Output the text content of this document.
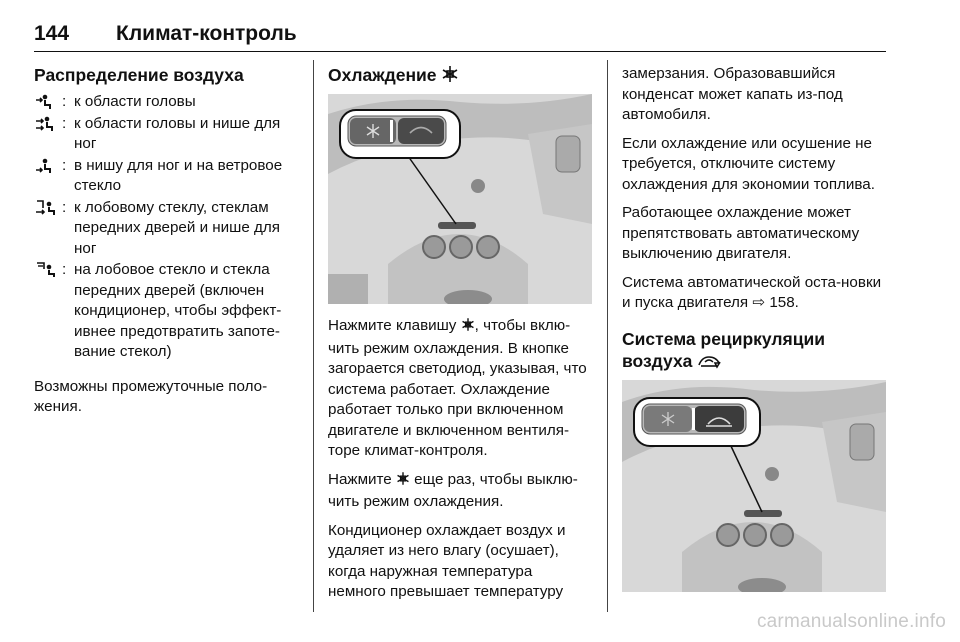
144 Климат-контроль
Распределение воздуха
: к области головы
: к области головы и нише для ног
: в нишу для ног и на ветровое стекло
: к лобовому стеклу, стеклам передних дверей и нише для ног
: на лобовое стекло и стекла передних дверей (включен кондиционер, чтобы эффект-ивнее предотвратить запоте-вание стекол)

Возможны промежуточные поло-жения.

Охлаждение

Нажмите клавишу , чтобы вклю-чить режим охлаждения. В кнопке загорается светодиод, указывая, что система работает. Охлаждение работает только при включенном двигателе и включенном вентиля-торе климат-контроля.

Нажмите  еще раз, чтобы выклю-чить режим охлаждения.

Кондиционер охлаждает воздух и удаляет из него влагу (осушает), когда наружная температура немного превышает температуру

замерзания. Образовавшийся конденсат может капать из-под автомобиля.

Если охлаждение или осушение не требуется, отключите систему охлаждения для экономии топлива.

Работающее охлаждение может препятствовать автоматическому выключению двигателя.

Система автоматической оста-новки и пуска двигателя ⇨ 158.

Система рециркуляции воздуха
carmanualsonline.info
